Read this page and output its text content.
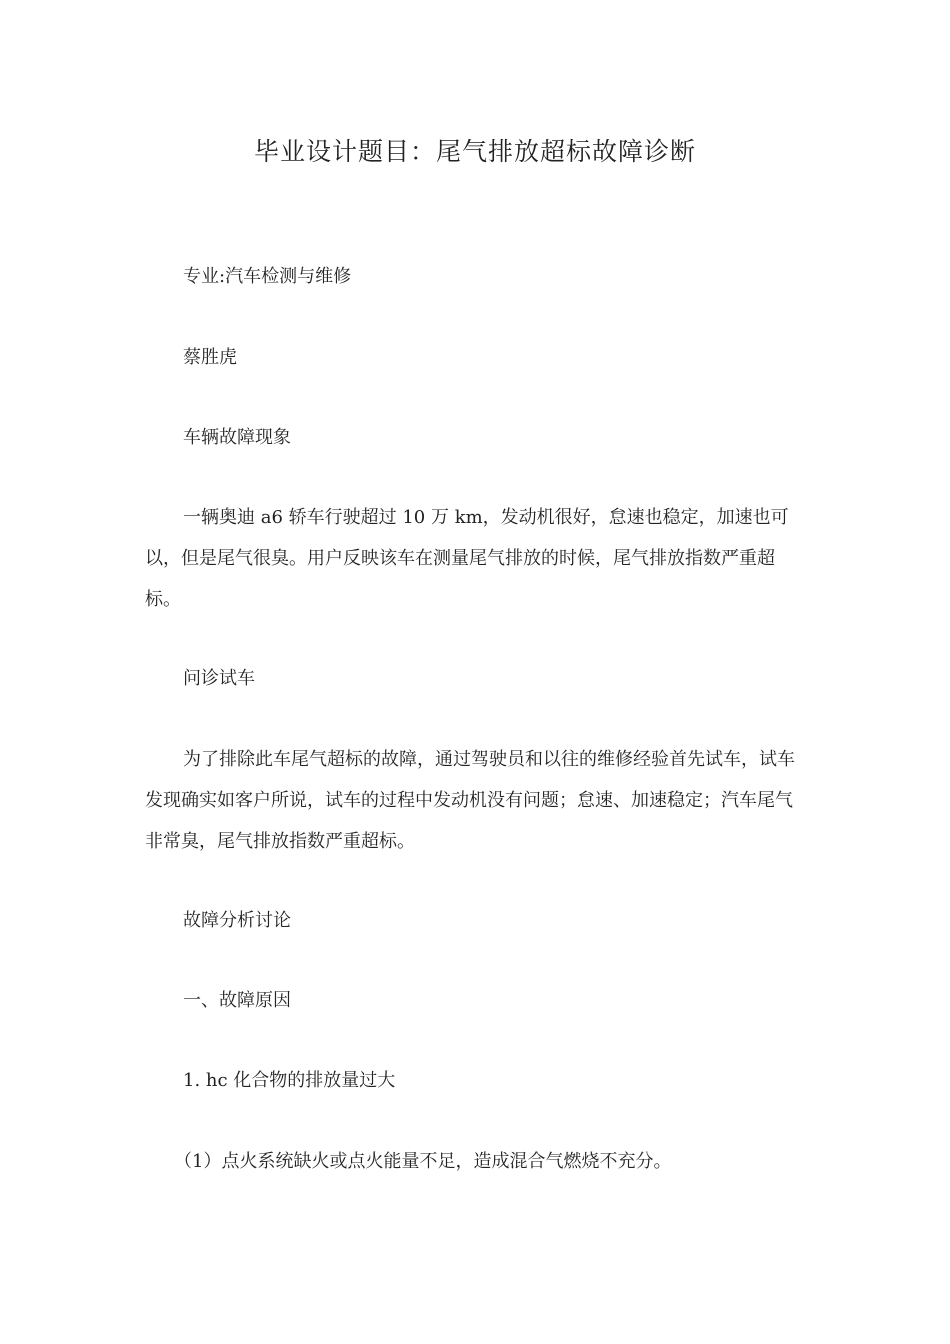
毕业设计题目：尾气排放超标故障诊断

专业:汽车检测与维修

蔡胜虎

车辆故障现象

一辆奥迪 a6 轿车行驶超过 10 万 km，发动机很好，怠速也稳定，加速也可以，但是尾气很臭。用户反映该车在测量尾气排放的时候，尾气排放指数严重超标。

问诊试车

为了排除此车尾气超标的故障，通过驾驶员和以往的维修经验首先试车，试车发现确实如客户所说，试车的过程中发动机没有问题；怠速、加速稳定；汽车尾气非常臭，尾气排放指数严重超标。

故障分析讨论

一、故障原因

1. hc 化合物的排放量过大

（1）点火系统缺火或点火能量不足，造成混合气燃烧不充分。
